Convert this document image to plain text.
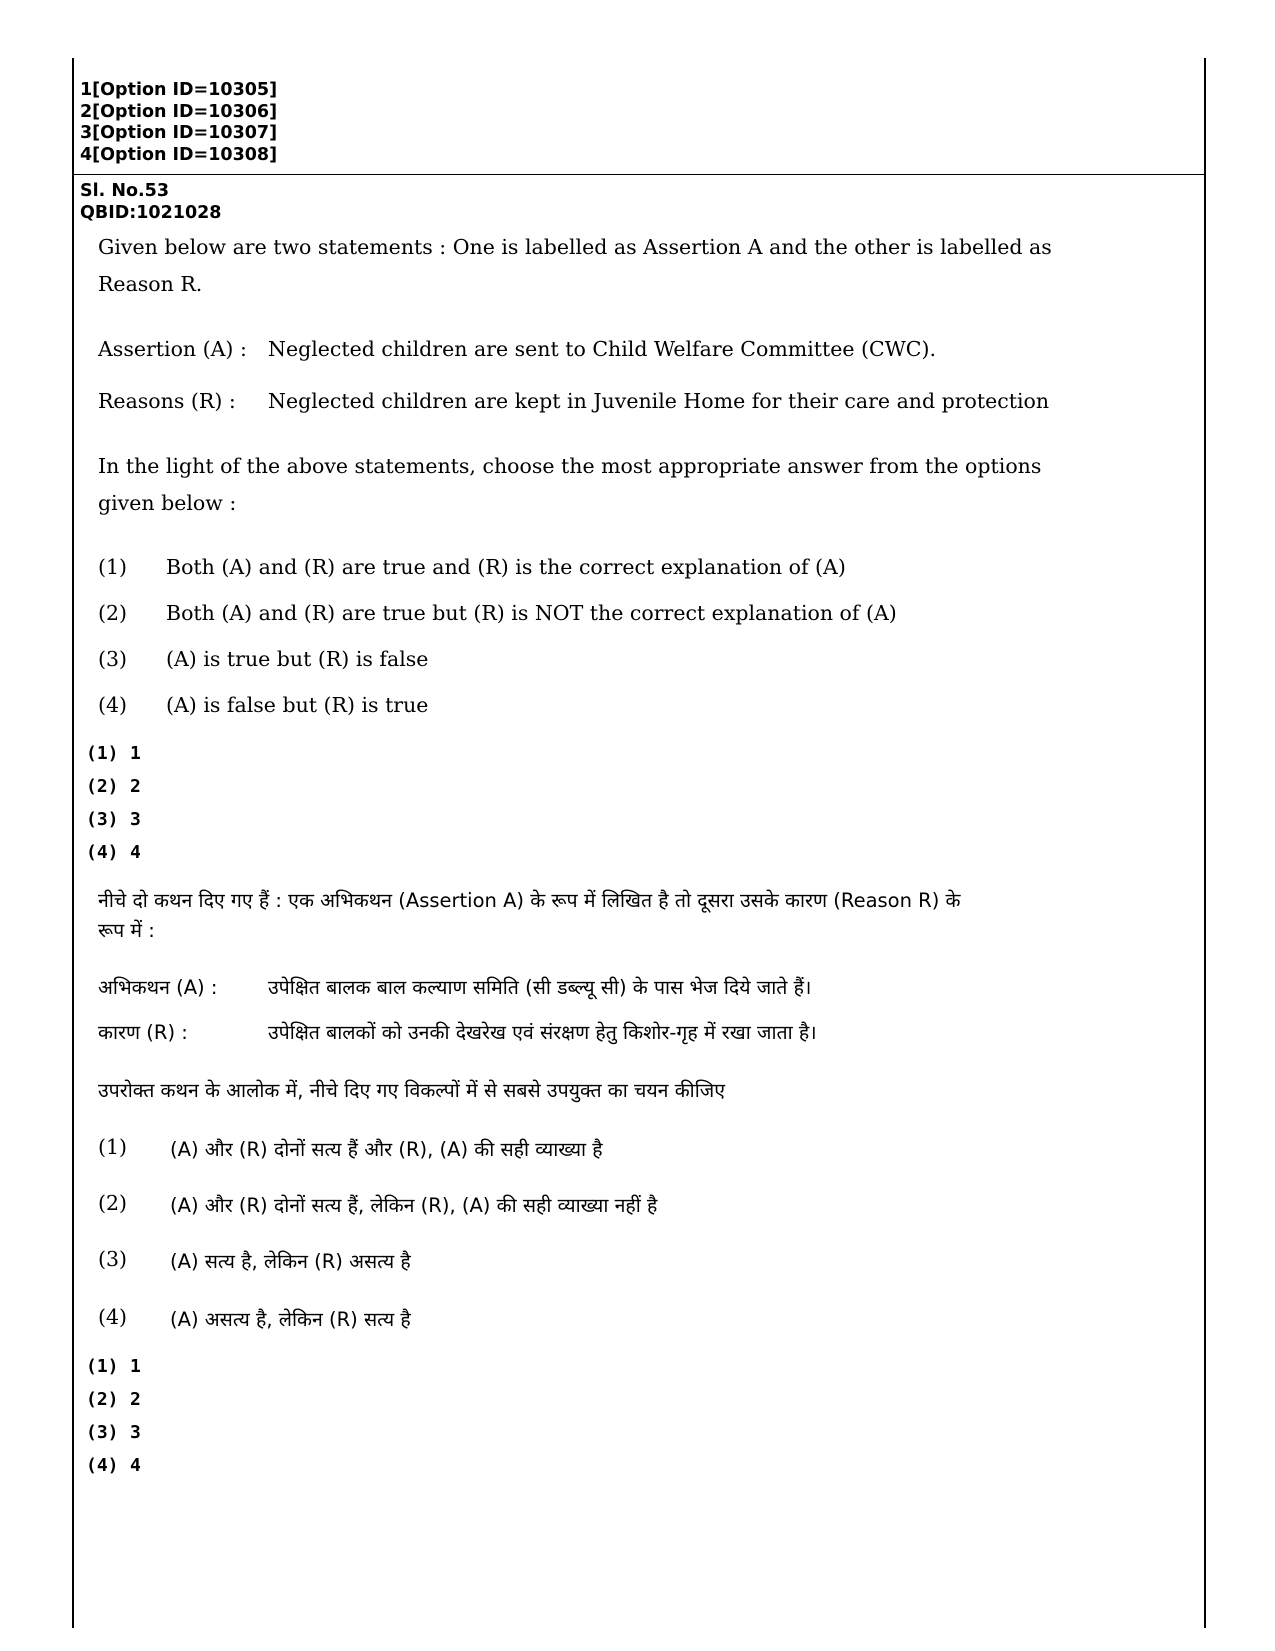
1[Option ID=10305]
2[Option ID=10306]
3[Option ID=10307]
4[Option ID=10308]
Sl. No.53
QBID:1021028
Given below are two statements : One is labelled as Assertion A and the other is labelled as
Reason R.
Assertion (A) : Neglected children are sent to Child Welfare Committee (CWC).
Reasons (R) : Neglected children are kept in Juvenile Home for their care and protection
In the light of the above statements, choose the most appropriate answer from the options
given below :
(1) Both (A) and (R) are true and (R) is the correct explanation of (A)
(2) Both (A) and (R) are true but (R) is NOT the correct explanation of (A)
(3) (A) is true but (R) is false
(4) (A) is false but (R) is true
(1) 1
(2) 2
(3) 3
(4) 4
नीचे दो कथन दिए गए हैं : एक अभिकथन (Assertion A) के रूप में लिखित है तो दूसरा उसके कारण (Reason R) के
रूप में :
अभिकथन (A) :	उपेक्षित बालक बाल कल्याण समिति (सी डब्ल्यू सी) के पास भेज दिये जाते हैं।
कारण (R) :	उपेक्षित बालकों को उनकी देखरेख एवं संरक्षण हेतु किशोर-गृह में रखा जाता है।
उपरोक्त कथन के आलोक में, नीचे दिए गए विकल्पों में से सबसे उपयुक्त का चयन कीजिए
(1) (A) और (R) दोनों सत्य हैं और (R), (A) की सही व्याख्या है
(2) (A) और (R) दोनों सत्य हैं, लेकिन (R), (A) की सही व्याख्या नहीं है
(3) (A) सत्य है, लेकिन (R) असत्य है
(4) (A) असत्य है, लेकिन (R) सत्य है
(1) 1
(2) 2
(3) 3
(4) 4
